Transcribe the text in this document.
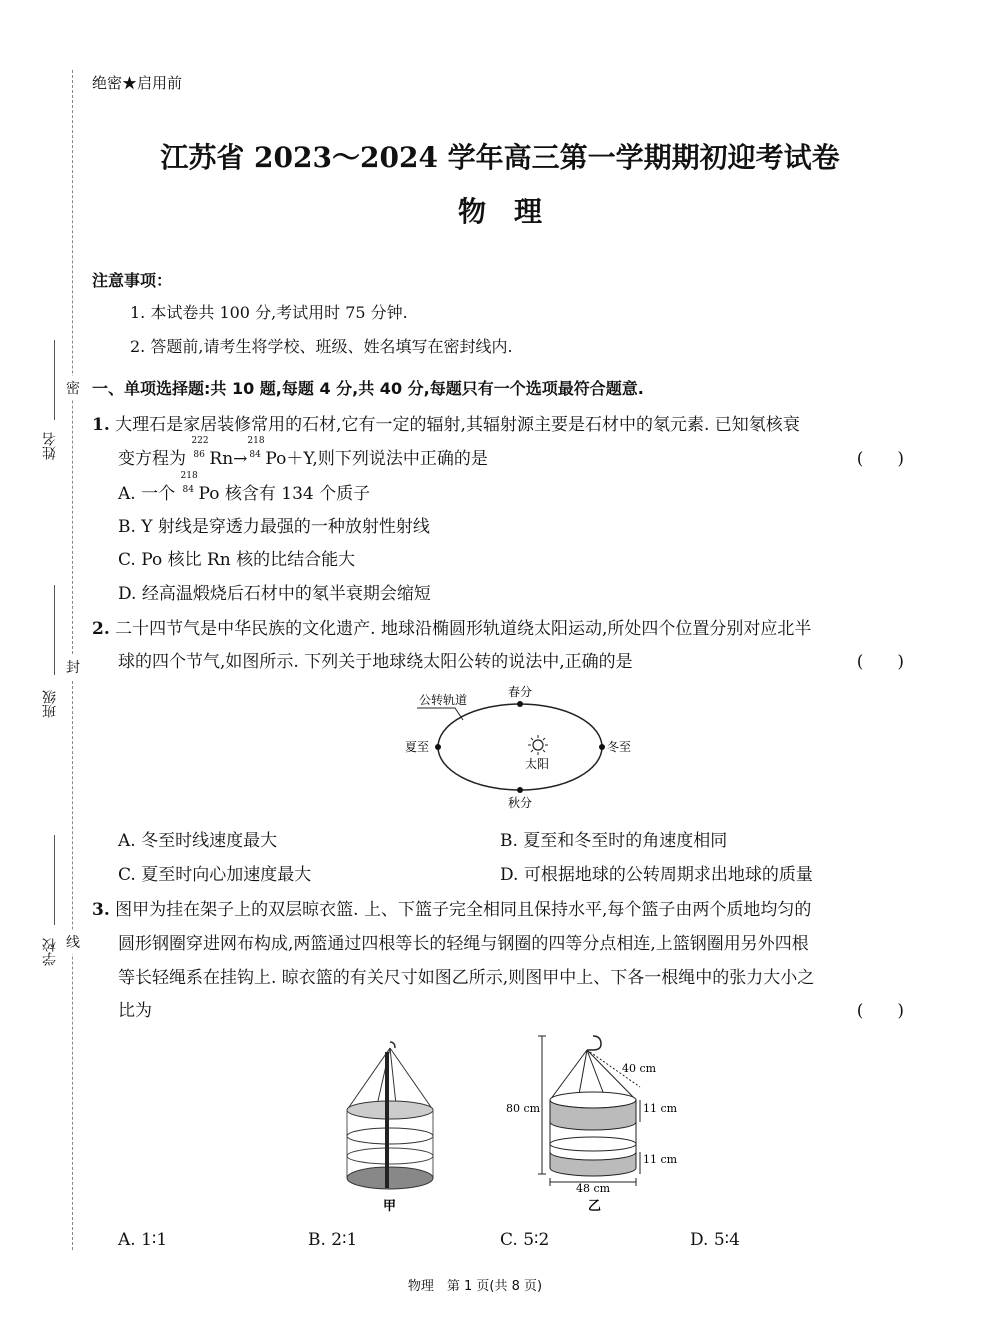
密
封
线
姓名
班级
学校
绝密★启用前
江苏省 2023～2024 学年高三第一学期期初迎考试卷
物　理
注意事项：
1. 本试卷共 100 分,考试用时 75 分钟.
2. 答题前,请考生将学校、班级、姓名填写在密封线内.
一、单项选择题:共 10 题,每题 4 分,共 40 分,每题只有一个选项最符合题意.
1. 大理石是家居装修常用的石材,它有一定的辐射,其辐射源主要是石材中的氡元素. 已知氡核衰
变方程为
222
86 Rn→
218
84 Po＋Y,则下列说法中正确的是	(　　)
A. 一个
218
84 Po 核含有 134 个质子
B. Y 射线是穿透力最强的一种放射性射线
C. Po 核比 Rn 核的比结合能大
D. 经高温煅烧后石材中的氡半衰期会缩短
2. 二十四节气是中华民族的文化遗产. 地球沿椭圆形轨道绕太阳运动,所处四个位置分别对应北半
球的四个节气,如图所示. 下列关于地球绕太阳公转的说法中,正确的是	(　　)
公转轨道
春分
夏至	冬至
太阳
秋分
A. 冬至时线速度最大	B. 夏至和冬至时的角速度相同
C. 夏至时向心加速度最大	D. 可根据地球的公转周期求出地球的质量
3. 图甲为挂在架子上的双层晾衣篮. 上、下篮子完全相同且保持水平,每个篮子由两个质地均匀的
圆形钢圈穿进网布构成,两篮通过四根等长的轻绳与钢圈的四等分点相连,上篮钢圈用另外四根
等长轻绳系在挂钩上. 晾衣篮的有关尺寸如图乙所示,则图甲中上、下各一根绳中的张力大小之
比为	(　　)
甲
40 cm
80 cm	11 cm
11 cm
48 cm
乙
A. 1∶1	B. 2∶1	C. 5∶2	D. 5∶4
物理　第 1 页(共 8 页)
